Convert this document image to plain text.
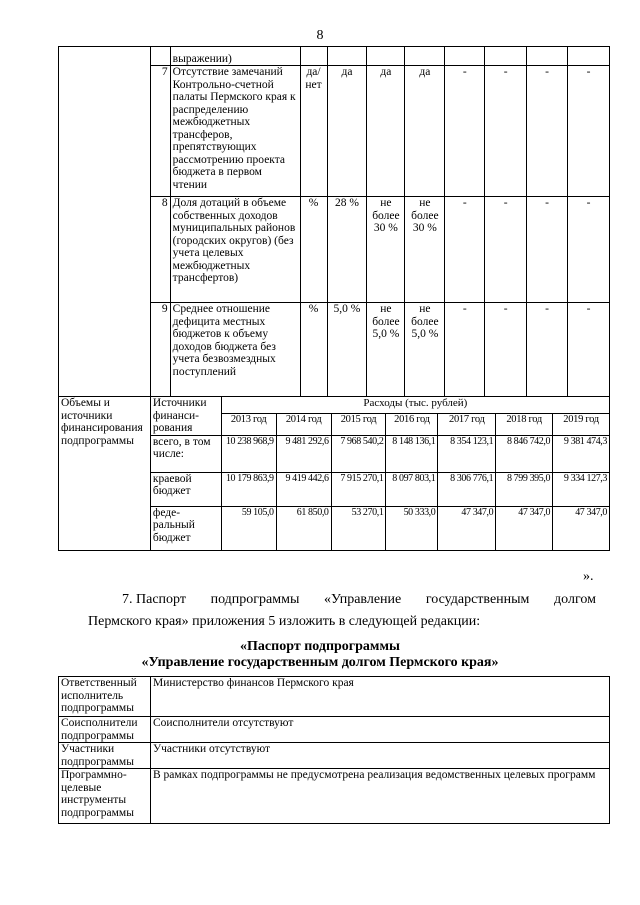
8
		выражении)								
	7	Отсутствие замечаний Контрольно-счетной палаты Пермского края к распределению межбюджетных трансферов, препятствующих рассмотрению проекта бюджета в первом чтении	да/ нет	да	да	да	-	-	-	-
	8	Доля дотаций в объеме собственных доходов муниципальных районов (городских округов) (без учета целевых межбюджетных трансфертов)	%	28 %	не более 30 %	не более 30 %	-	-	-	-
	9	Среднее отношение дефицита местных бюджетов к объему доходов бюджета без учета безвозмездных поступлений	%	5,0 %	не более 5,0 %	не более 5,0 %	-	-	-	-
Объемы и источники финансирования подпрограммы	Источники финанси- рования	Расходы (тыс. рублей)						
		2013 год	2014 год	2015 год	2016 год	2017 год	2018 год	2019 год
	всего, в том числе:	10 238 968,9	9 481 292,6	7 968 540,2	8 148 136,1	8 354 123,1	8 846 742,0	9 381 474,3
	краевой бюджет	10 179 863,9	9 419 442,6	7 915 270,1	8 097 803,1	8 306 776,1	8 799 395,0	9 334 127,3
	феде- ральный бюджет	59 105,0	61 850,0	53 270,1	50 333,0	47 347,0	47 347,0	47 347,0
».
7. Паспорт подпрограммы «Управление государственным долгом
Пермского края» приложения 5 изложить в следующей редакции:
«Паспорт подпрограммы
«Управление государственным долгом Пермского края»
Ответственный исполнитель подпрограммы	Министерство финансов Пермского края
Соисполнители подпрограммы	Соисполнители отсутствуют
Участники подпрограммы	Участники отсутствуют
Программно-целевые инструменты подпрограммы	В рамках подпрограммы не предусмотрена реализация ведомственных целевых программ
